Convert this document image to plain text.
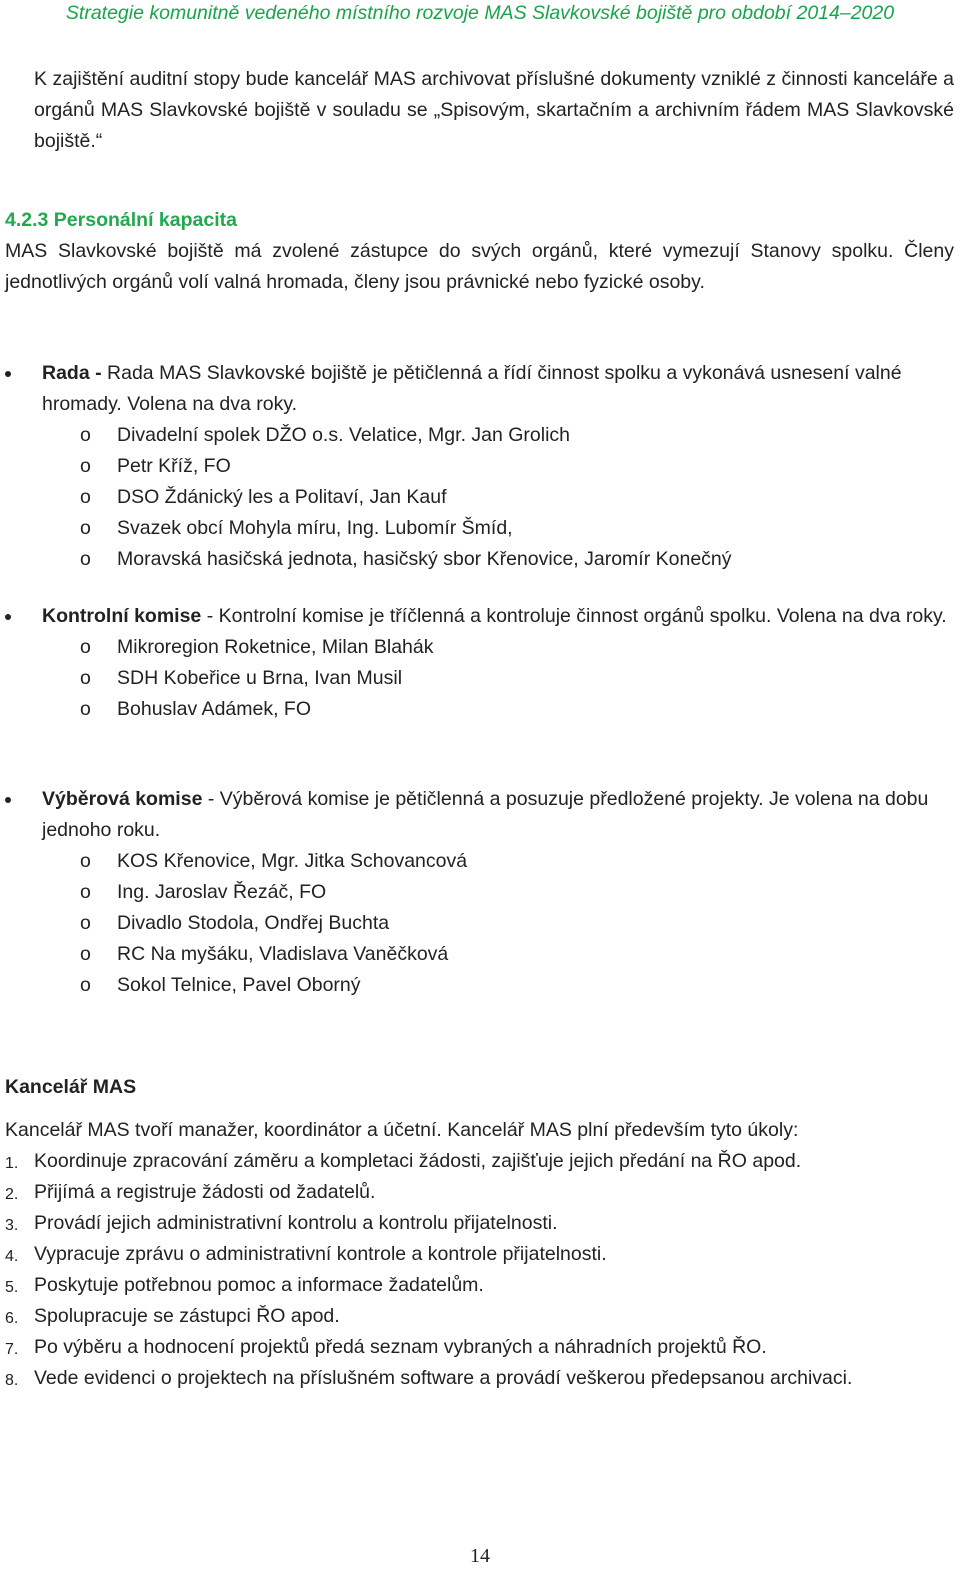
Strategie komunitně vedeného místního rozvoje MAS Slavkovské bojiště pro období 2014–2020
K zajištění auditní stopy bude kancelář MAS archivovat příslušné dokumenty vzniklé z činnosti kanceláře a orgánů MAS Slavkovské bojiště v souladu se „Spisovým, skartačním a archivním řádem MAS Slavkovské bojiště.“
4.2.3 Personální kapacita
MAS Slavkovské bojiště má zvolené zástupce do svých orgánů, které vymezují Stanovy spolku. Členy jednotlivých orgánů volí valná hromada, členy jsou právnické nebo fyzické osoby.
Rada - Rada MAS Slavkovské bojiště je pětičlenná a řídí činnost spolku a vykonává usnesení valné hromady. Volena na dva roky.
o Divadelní spolek DŽO o.s. Velatice, Mgr. Jan Grolich
o Petr Kříž, FO
o DSO Ždánický les a Politaví, Jan Kauf
o Svazek obcí Mohyla míru, Ing. Lubomír Šmíd,
o Moravská hasičská jednota, hasičský sbor Křenovice, Jaromír Konečný
Kontrolní komise - Kontrolní komise je tříčlenná a kontroluje činnost orgánů spolku. Volena na dva roky.
o Mikroregion Roketnice, Milan Blahák
o SDH Kobeřice u Brna, Ivan Musil
o Bohuslav Adámek, FO
Výběrová komise - Výběrová komise je pětičlenná a posuzuje předložené projekty. Je volena na dobu jednoho roku.
o KOS Křenovice, Mgr. Jitka Schovancová
o Ing. Jaroslav Řezáč, FO
o Divadlo Stodola, Ondřej Buchta
o RC Na myšáku, Vladislava Vaněčková
o Sokol Telnice, Pavel Oborný
Kancelář MAS
Kancelář MAS tvoří manažer, koordinátor a účetní. Kancelář MAS plní především tyto úkoly:
1. Koordinuje zpracování záměru a kompletaci žádosti, zajišťuje jejich předání na ŘO apod.
2. Přijímá a registruje žádosti od žadatelů.
3. Provádí jejich administrativní kontrolu a kontrolu přijatelnosti.
4. Vypracuje zprávu o administrativní kontrole a kontrole přijatelnosti.
5. Poskytuje potřebnou pomoc a informace žadatelům.
6. Spolupracuje se zástupci ŘO apod.
7. Po výběru a hodnocení projektů předá seznam vybraných a náhradních projektů ŘO.
8. Vede evidenci o projektech na příslušném software a provádí veškerou předepsanou archivaci.
14
